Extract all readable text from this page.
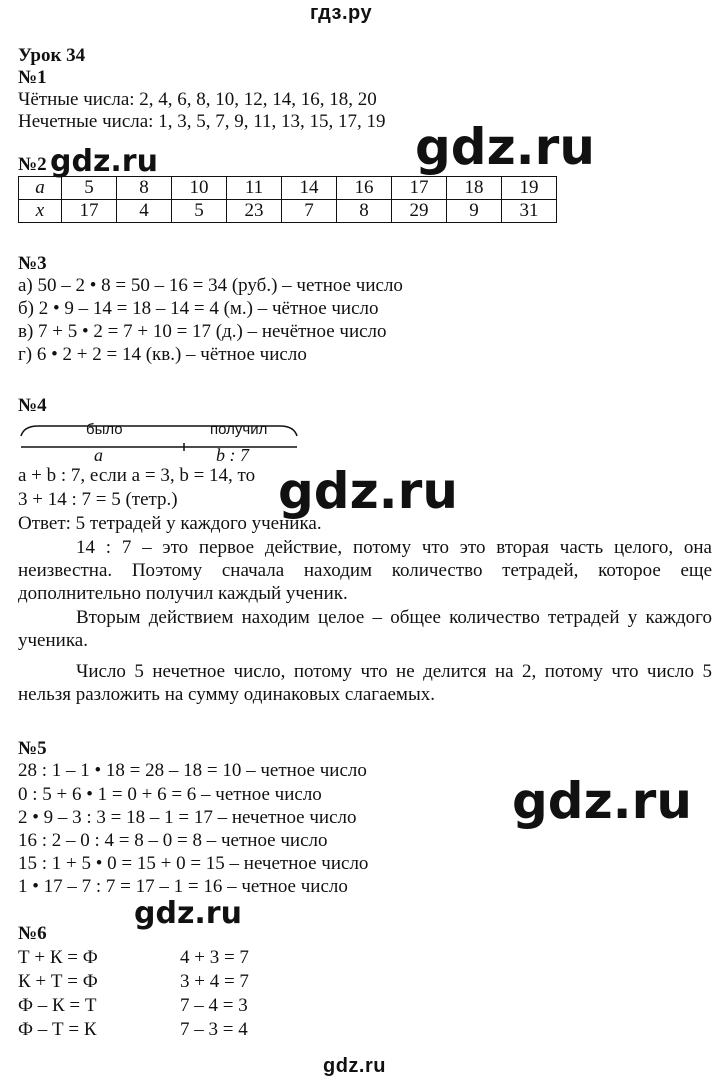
гдз.ру
Урок 34
№1
Чётные числа: 2, 4, 6, 8, 10, 12, 14, 16, 18, 20
Нечетные числа: 1, 3, 5, 7, 9, 11, 13, 15, 17, 19 gdz.ru
№2 gdz.ru
a	5	8	10	11	14	16	17	18	19
x	17	4	5	23	7	8	29	9	31
№3
а) 50 – 2 • 8 = 50 – 16 = 34 (руб.) – четное число
б) 2 • 9 – 14 = 18 – 14 = 4 (м.) – чётное число
в) 7 + 5 • 2 = 7 + 10 = 17 (д.) – нечётное число
г) 6 • 2 + 2 = 14 (кв.) – чётное число
№4
было	получил
a	b : 7
a + b : 7, если a = 3, b = 14, то
3 + 14 : 7 = 5 (тетр.)
Ответ: 5 тетрадей у каждого ученика.
gdz.ru
14 : 7 – это первое действие, потому что это вторая часть целого, она неизвестна. Поэтому сначала находим количество тетрадей, которое еще дополнительно получил каждый ученик.
Вторым действием находим целое – общее количество тетрадей у каждого ученика.
Число 5 нечетное число, потому что не делится на 2, потому что число 5 нельзя разложить на сумму одинаковых слагаемых.
№5
28 : 1 – 1 • 18 = 28 – 18 = 10 – четное число
0 : 5 + 6 • 1 = 0 + 6 = 6 – четное число
2 • 9 – 3 : 3 = 18 – 1 = 17 – нечетное число
16 : 2 – 0 : 4 = 8 – 0 = 8 – четное число
15 : 1 + 5 • 0 = 15 + 0 = 15 – нечетное число
1 • 17 – 7 : 7 = 17 – 1 = 16 – четное число
gdz.ru
gdz.ru
№6
Т + К = Ф	4 + 3 = 7
К + Т = Ф	3 + 4 = 7
Ф – К = Т	7 – 4 = 3
Ф – Т = К	7 – 3 = 4
gdz.ru
